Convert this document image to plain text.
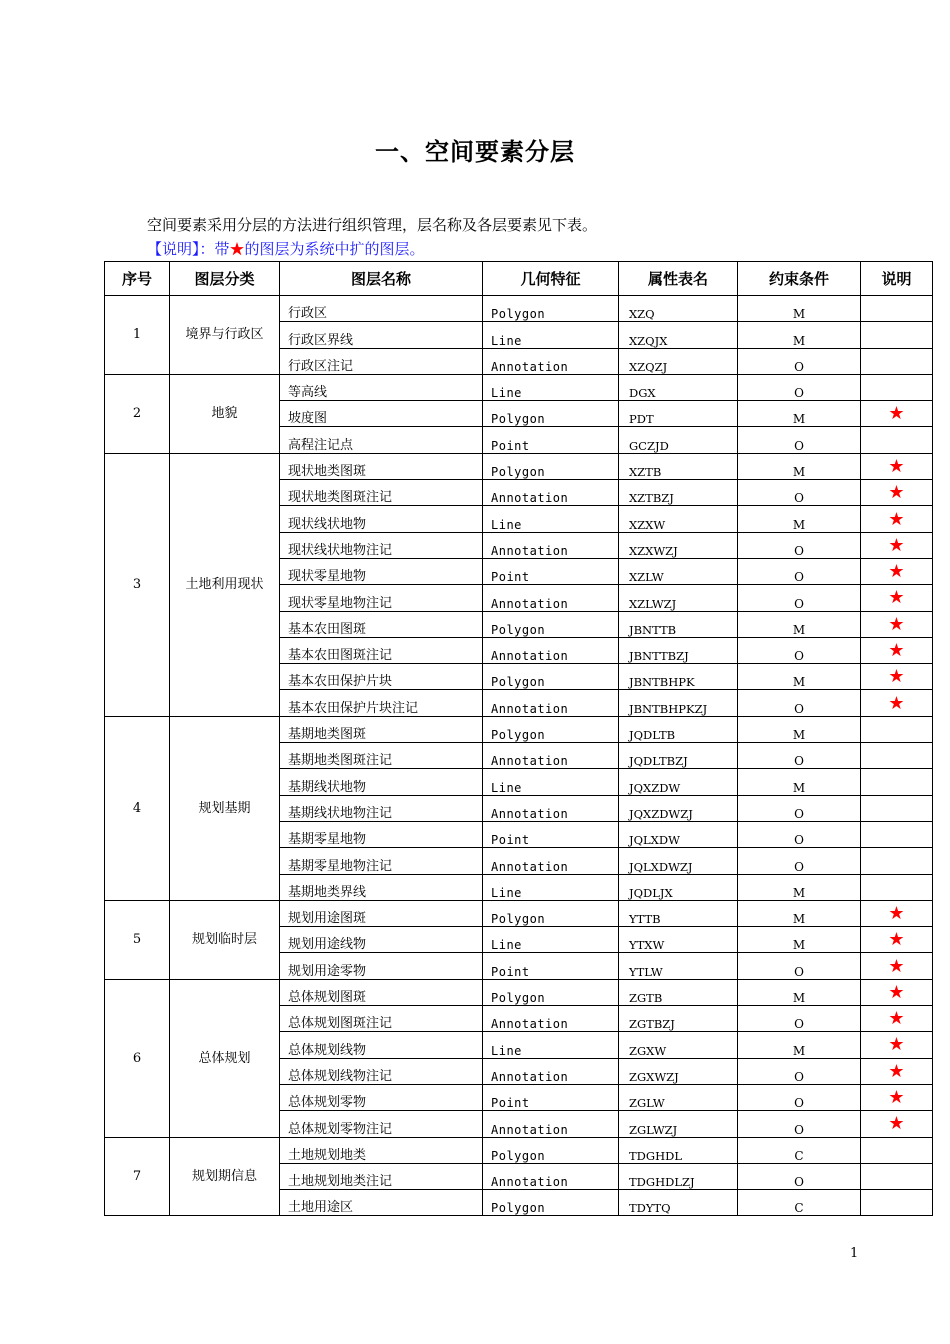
一、空间要素分层
空间要素采用分层的方法进行组织管理，层名称及各层要素见下表。
【说明】：带★的图层为系统中扩的图层。
序号	图层分类	图层名称	几何特征	属性表名	约束条件	说明
1	境界与行政区	行政区	Polygon	XZQ	M	
		行政区界线	Line	XZQJX	M	
		行政区注记	Annotation	XZQZJ	O	
2	地貌	等高线	Line	DGX	O	
		坡度图	Polygon	PDT	M	★
		高程注记点	Point	GCZJD	O	
3	土地利用现状	现状地类图斑	Polygon	XZTB	M	★
		现状地类图斑注记	Annotation	XZTBZJ	O	★
		现状线状地物	Line	XZXW	M	★
		现状线状地物注记	Annotation	XZXWZJ	O	★
		现状零星地物	Point	XZLW	O	★
		现状零星地物注记	Annotation	XZLWZJ	O	★
		基本农田图斑	Polygon	JBNTTB	M	★
		基本农田图斑注记	Annotation	JBNTTBZJ	O	★
		基本农田保护片块	Polygon	JBNTBHPK	M	★
		基本农田保护片块注记	Annotation	JBNTBHPKZJ	O	★
4	规划基期	基期地类图斑	Polygon	JQDLTB	M	
		基期地类图斑注记	Annotation	JQDLTBZJ	O	
		基期线状地物	Line	JQXZDW	M	
		基期线状地物注记	Annotation	JQXZDWZJ	O	
		基期零星地物	Point	JQLXDW	O	
		基期零星地物注记	Annotation	JQLXDWZJ	O	
		基期地类界线	Line	JQDLJX	M	
5	规划临时层	规划用途图斑	Polygon	YTTB	M	★
		规划用途线物	Line	YTXW	M	★
		规划用途零物	Point	YTLW	O	★
6	总体规划	总体规划图斑	Polygon	ZGTB	M	★
		总体规划图斑注记	Annotation	ZGTBZJ	O	★
		总体规划线物	Line	ZGXW	M	★
		总体规划线物注记	Annotation	ZGXWZJ	O	★
		总体规划零物	Point	ZGLW	O	★
		总体规划零物注记	Annotation	ZGLWZJ	O	★
7	规划期信息	土地规划地类	Polygon	TDGHDL	C	
		土地规划地类注记	Annotation	TDGHDLZJ	O	
		土地用途区	Polygon	TDYTQ	C	
1
